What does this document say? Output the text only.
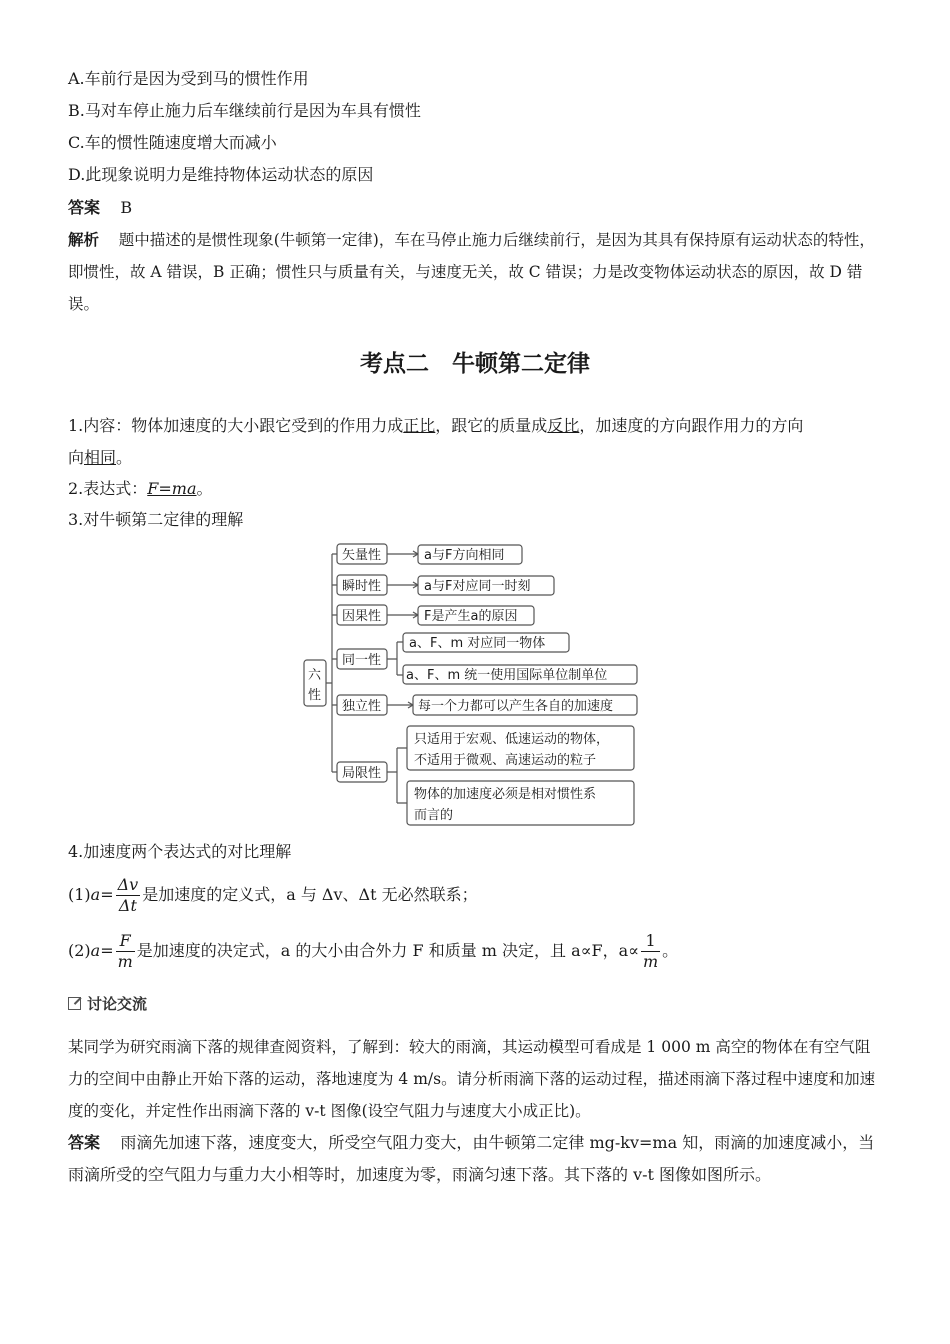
A.车前行是因为受到马的惯性作用
B.马对车停止施力后车继续前行是因为车具有惯性
C.车的惯性随速度增大而减小
D.此现象说明力是维持物体运动状态的原因
答案 B
解析 题中描述的是惯性现象(牛顿第一定律)，车在马停止施力后继续前行，是因为其具有保持原有运动状态的特性，即惯性，故 A 错误，B 正确；惯性只与质量有关，与速度无关，故 C 错误；力是改变物体运动状态的原因，故 D 错误。
考点二　牛顿第二定律
1.内容：物体加速度的大小跟它受到的作用力成正比，跟它的质量成反比，加速度的方向跟作用力的方向
向相同。
2.表达式：F=ma。
3.对牛顿第二定律的理解
六
性
矢量性
瞬时性
因果性
同一性
独立性
局限性
a与F方向相同
a与F对应同一时刻
F是产生a的原因
a、F、m 对应同一物体
a、F、m 统一使用国际单位制单位
每一个力都可以产生各自的加速度
只适用于宏观、低速运动的物体，
不适用于微观、高速运动的粒子
物体的加速度必须是相对惯性系
而言的
4.加速度两个表达式的对比理解
$(1)a= \frac{\Delta v}{\Delta t}$ 是加速度的定义式，a 与 Δv、Δt 无必然联系；
$(2)a= \frac{F}{m}$ 是加速度的决定式，a 的大小由合外力 F 和质量 m 决定，且 a∝F，$a\propto \frac{1}{m}$ 。
讨论交流
某同学为研究雨滴下落的规律查阅资料，了解到：较大的雨滴，其运动模型可看成是 1 000 m 高空的物体在有空气阻力的空间中由静止开始下落的运动，落地速度为 4 m/s。请分析雨滴下落的运动过程，描述雨滴下落过程中速度和加速度的变化，并定性作出雨滴下落的 v-t 图像(设空气阻力与速度大小成正比)。
答案 雨滴先加速下落，速度变大，所受空气阻力变大，由牛顿第二定律 mg-kv=ma 知，雨滴的加速度减小，当雨滴所受的空气阻力与重力大小相等时，加速度为零，雨滴匀速下落。其下落的 v-t 图像如图所示。
